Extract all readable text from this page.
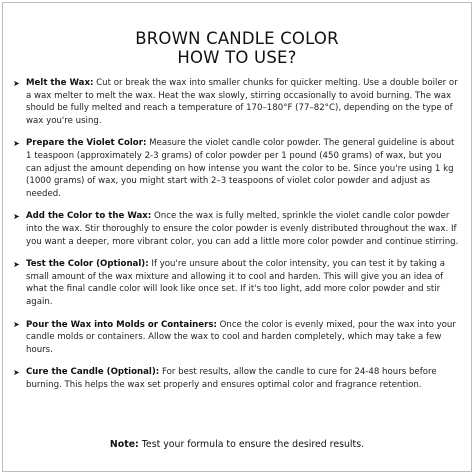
BROWN CANDLE COLOR
HOW TO USE?
➤ Melt the Wax: Cut or break the wax into smaller chunks for quicker melting. Use a double boiler or a wax melter to melt the wax. Heat the wax slowly, stirring occasionally to avoid burning. The wax should be fully melted and reach a temperature of 170–180°F (77–82°C), depending on the type of wax you're using.
➤ Prepare the Violet Color: Measure the violet candle color powder. The general guideline is about 1 teaspoon (approximately 2-3 grams) of color powder per 1 pound (450 grams) of wax, but you can adjust the amount depending on how intense you want the color to be. Since you're using 1 kg (1000 grams) of wax, you might start with 2–3 teaspoons of violet color powder and adjust as needed.
➤ Add the Color to the Wax: Once the wax is fully melted, sprinkle the violet candle color powder into the wax. Stir thoroughly to ensure the color powder is evenly distributed throughout the wax. If you want a deeper, more vibrant color, you can add a little more color powder and continue stirring.
➤ Test the Color (Optional): If you're unsure about the color intensity, you can test it by taking a small amount of the wax mixture and allowing it to cool and harden. This will give you an idea of what the final candle color will look like once set. If it's too light, add more color powder and stir again.
➤ Pour the Wax into Molds or Containers: Once the color is evenly mixed, pour the wax into your candle molds or containers. Allow the wax to cool and harden completely, which may take a few hours.
➤ Cure the Candle (Optional): For best results, allow the candle to cure for 24-48 hours before burning. This helps the wax set properly and ensures optimal color and fragrance retention.
Note: Test your formula to ensure the desired results.
